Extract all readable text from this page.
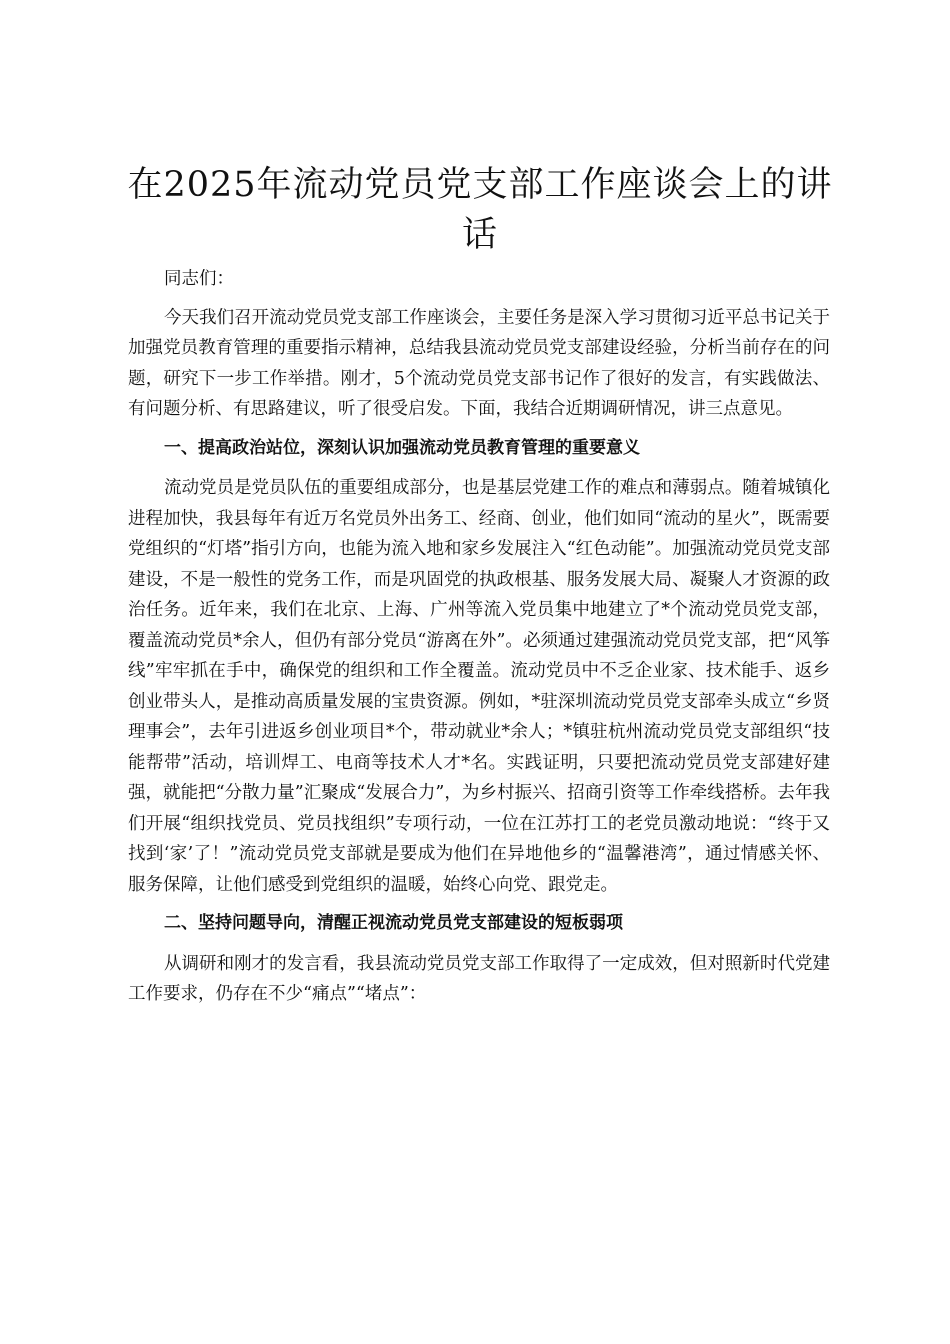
在2025年流动党员党支部工作座谈会上的讲话

同志们：

今天我们召开流动党员党支部工作座谈会，主要任务是深入学习贯彻习近平总书记关于加强党员教育管理的重要指示精神，总结我县流动党员党支部建设经验，分析当前存在的问题，研究下一步工作举措。刚才，5个流动党员党支部书记作了很好的发言，有实践做法、有问题分析、有思路建议，听了很受启发。下面，我结合近期调研情况，讲三点意见。

一、提高政治站位，深刻认识加强流动党员教育管理的重要意义

流动党员是党员队伍的重要组成部分，也是基层党建工作的难点和薄弱点。随着城镇化进程加快，我县每年有近万名党员外出务工、经商、创业，他们如同“流动的星火”，既需要党组织的“灯塔”指引方向，也能为流入地和家乡发展注入“红色动能”。加强流动党员党支部建设，不是一般性的党务工作，而是巩固党的执政根基、服务发展大局、凝聚人才资源的政治任务。近年来，我们在北京、上海、广州等流入党员集中地建立了*个流动党员党支部，覆盖流动党员*余人，但仍有部分党员“游离在外”。必须通过建强流动党员党支部，把“风筝线”牢牢抓在手中，确保党的组织和工作全覆盖。流动党员中不乏企业家、技术能手、返乡创业带头人，是推动高质量发展的宝贵资源。例如，*驻深圳流动党员党支部牵头成立“乡贤理事会”，去年引进返乡创业项目*个，带动就业*余人；*镇驻杭州流动党员党支部组织“技能帮带”活动，培训焊工、电商等技术人才*名。实践证明，只要把流动党员党支部建好建强，就能把“分散力量”汇聚成“发展合力”，为乡村振兴、招商引资等工作牵线搭桥。去年我们开展“组织找党员、党员找组织”专项行动，一位在江苏打工的老党员激动地说：“终于又找到‘家’了！”流动党员党支部就是要成为他们在异地他乡的“温馨港湾”，通过情感关怀、服务保障，让他们感受到党组织的温暖，始终心向党、跟党走。

二、坚持问题导向，清醒正视流动党员党支部建设的短板弱项

从调研和刚才的发言看，我县流动党员党支部工作取得了一定成效，但对照新时代党建工作要求，仍存在不少“痛点”“堵点”：
